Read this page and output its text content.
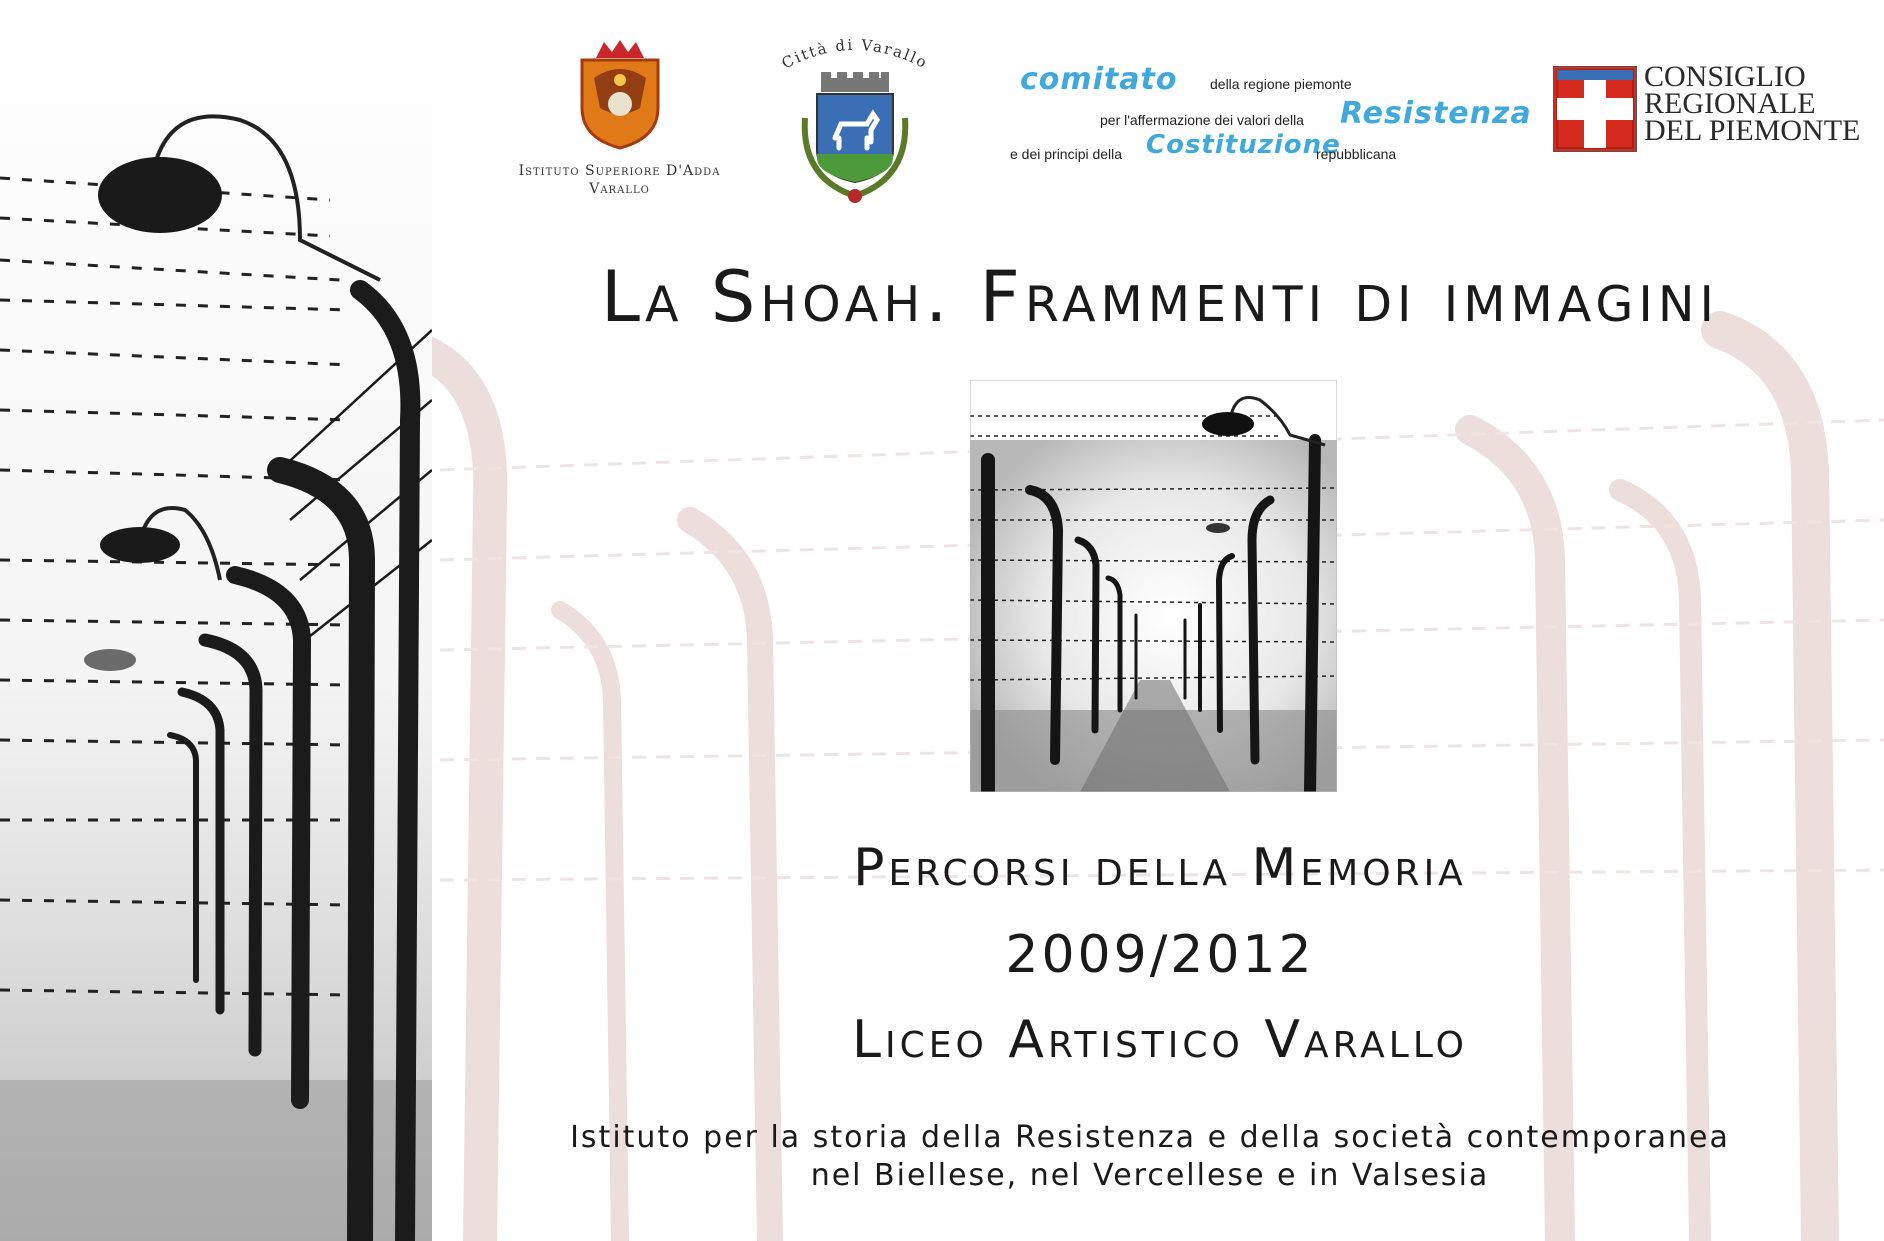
Istituto Superiore D'Adda
Varallo
Città di Varallo
comitato della regione piemonte
per l'affermazione dei valori della Resistenza
e dei principi della Costituzione
repubblicana
CONSIGLIO
REGIONALE
DEL PIEMONTE
La Shoah. Frammenti di immagini
Percorsi della Memoria
2009/2012
Liceo Artistico Varallo
Istituto per la storia della Resistenza e della società contemporanea
nel Biellese, nel Vercellese e in Valsesia
